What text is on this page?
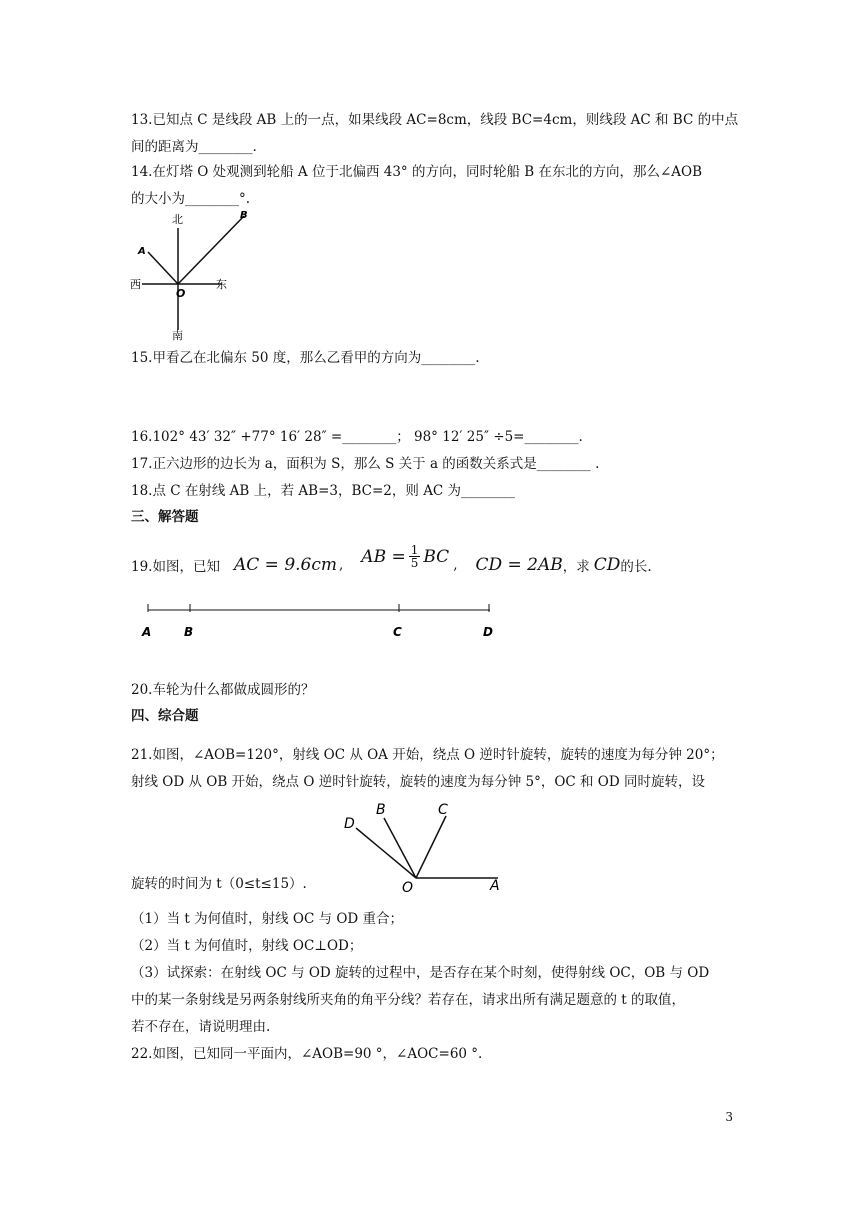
13.已知点 C 是线段 AB 上的一点，如果线段 AC=8cm，线段 BC=4cm，则线段 AC 和 BC 的中点
间的距离为________.
14.在灯塔 O 处观测到轮船 A 位于北偏西 43° 的方向，同时轮船 B 在东北的方向，那么∠AOB
的大小为________°.
北
南
西	东
O
A
B
15.甲看乙在北偏东 50 度，那么乙看甲的方向为________.
16.102° 43′ 32″ +77° 16′ 28″ =________； 98° 12′ 25″ ÷5=________.
17.正六边形的边长为 a，面积为 S，那么 S 关于 a 的函数关系式是________ .
18.点 C 在射线 AB 上，若 AB=3，BC=2，则 AC 为________
三、解答题
19.如图，已知 AC = 9.6cm , AB = $\frac{1}{5}$ BC , CD = 2AB ，求 CD 的长.
A	B	C	D
20.车轮为什么都做成圆形的？
四、综合题
21.如图，∠AOB=120°，射线 OC 从 OA 开始，绕点 O 逆时针旋转，旋转的速度为每分钟 20°；
射线 OD 从 OB 开始，绕点 O 逆时针旋转，旋转的速度为每分钟 5°，OC 和 OD 同时旋转，设
D
B	C
O	A
旋转的时间为 t（0≤t≤15）.
（1）当 t 为何值时，射线 OC 与 OD 重合；
（2）当 t 为何值时，射线 OC⊥OD；
（3）试探索：在射线 OC 与 OD 旋转的过程中，是否存在某个时刻，使得射线 OC，OB 与 OD
中的某一条射线是另两条射线所夹角的角平分线？若存在，请求出所有满足题意的 t 的取值，
若不存在，请说明理由.
22.如图，已知同一平面内，∠AOB=90 °，∠AOC=60 °.
3
